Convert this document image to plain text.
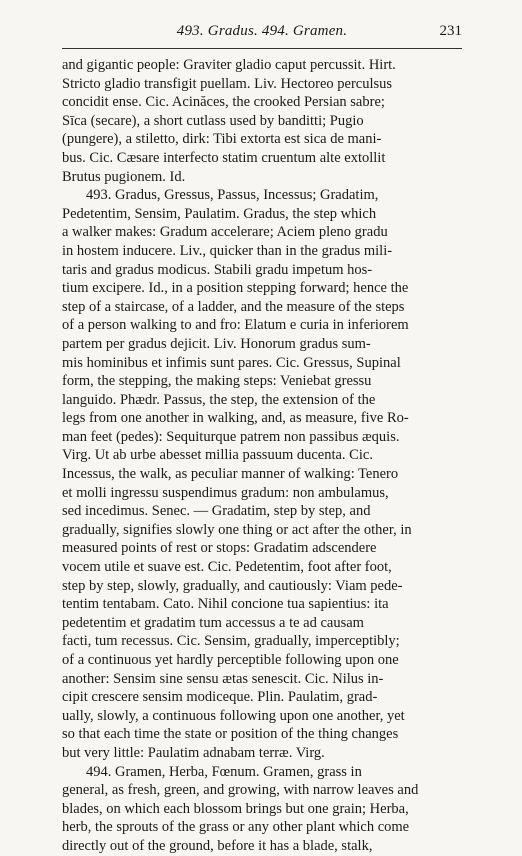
493. Gradus. 494. Gramen.	231
and gigantic people: Graviter gladio caput percussit. Hirt.
Stricto gladio transfigit puellam. Liv. Hectoreo perculsus
concidit ense. Cic. Acinăces, the crooked Persian sabre;
Sīca (secare), a short cutlass used by banditti; Pugio
(pungere), a stiletto, dirk: Tibi extorta est sica de mani-
bus. Cic. Cæsare interfecto statim cruentum alte extollit
Brutus pugionem. Id.
493. Gradus, Gressus, Passus, Incessus; Gradatim,
Pedetentim, Sensim, Paulatim. Gradus, the step which
a walker makes: Gradum accelerare; Aciem pleno gradu
in hostem inducere. Liv., quicker than in the gradus mili-
taris and gradus modicus. Stabili gradu impetum hos-
tium excipere. Id., in a position stepping forward; hence the
step of a staircase, of a ladder, and the measure of the steps
of a person walking to and fro: Elatum e curia in inferiorem
partem per gradus dejicit. Liv. Honorum gradus sum-
mis hominibus et infimis sunt pares. Cic. Gressus, Supinal
form, the stepping, the making steps: Veniebat gressu
languido. Phædr. Passus, the step, the extension of the
legs from one another in walking, and, as measure, five Ro-
man feet (pedes): Sequiturque patrem non passibus æquis.
Virg. Ut ab urbe abesset millia passuum ducenta. Cic.
Incessus, the walk, as peculiar manner of walking: Tenero
et molli ingressu suspendimus gradum: non ambulamus,
sed incedimus. Senec. — Gradatim, step by step, and
gradually, signifies slowly one thing or act after the other, in
measured points of rest or stops: Gradatim adscendere
vocem utile et suave est. Cic. Pedetentim, foot after foot,
step by step, slowly, gradually, and cautiously: Viam pede-
tentim tentabam. Cato. Nihil concione tua sapientius: ita
pedetentim et gradatim tum accessus a te ad causam
facti, tum recessus. Cic. Sensim, gradually, imperceptibly;
of a continuous yet hardly perceptible following upon one
another: Sensim sine sensu ætas senescit. Cic. Nilus in-
cipit crescere sensim modiceque. Plin. Paulatim, grad-
ually, slowly, a continuous following upon one another, yet
so that each time the state or position of the thing changes
but very little: Paulatim adnabam terræ. Virg.
494. Gramen, Herba, Fœnum. Gramen, grass in
general, as fresh, green, and growing, with narrow leaves and
blades, on which each blossom brings but one grain; Herba,
herb, the sprouts of the grass or any other plant which come
directly out of the ground, before it has a blade, stalk,
